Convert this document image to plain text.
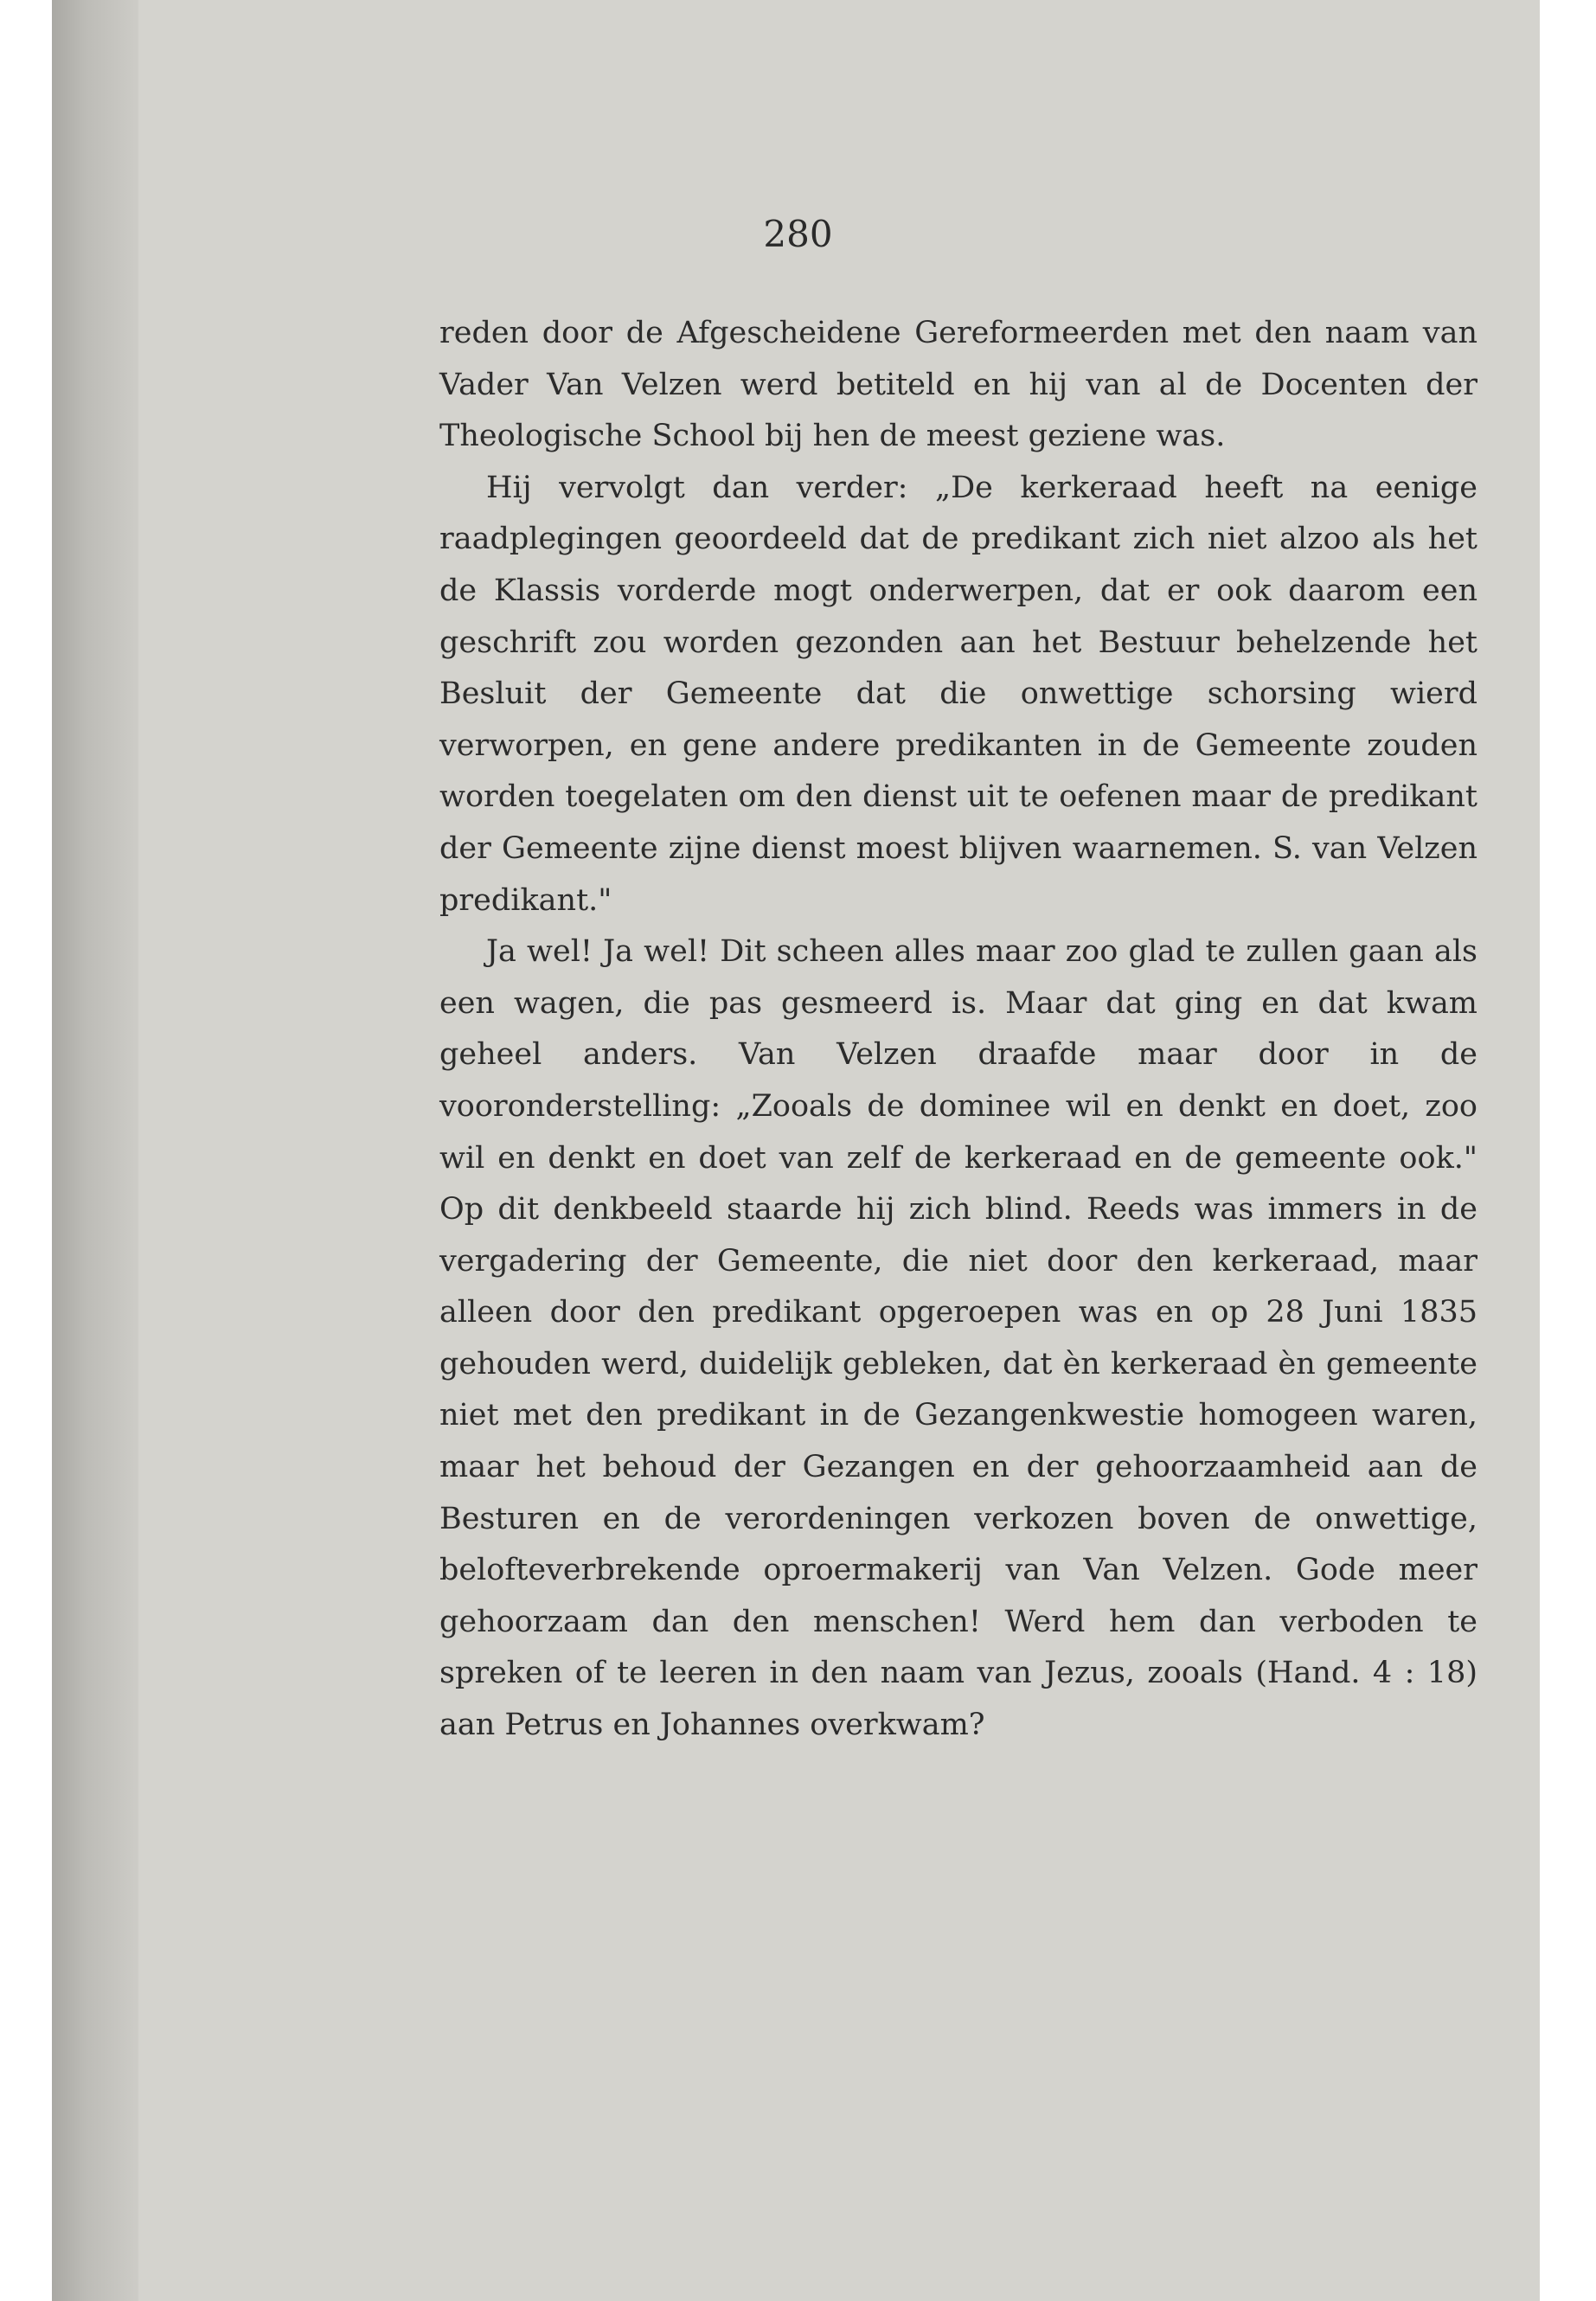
280

reden door de Afgescheidene Gereformeerden met den naam van Vader Van Velzen werd betiteld en hij van al de Docenten der Theologische School bij hen de meest geziene was.

Hij vervolgt dan verder: „De kerkeraad heeft na eenige raadplegingen geoordeeld dat de predikant zich niet alzoo als het de Klassis vorderde mogt onderwerpen, dat er ook daarom een geschrift zou worden gezonden aan het Bestuur behelzende het Besluit der Gemeente dat die onwettige schorsing wierd verworpen, en gene andere predikanten in de Gemeente zouden worden toegelaten om den dienst uit te oefenen maar de predikant der Gemeente zijne dienst moest blijven waarnemen. S. van Velzen predikant."

Ja wel! Ja wel! Dit scheen alles maar zoo glad te zullen gaan als een wagen, die pas gesmeerd is. Maar dat ging en dat kwam geheel anders. Van Velzen draafde maar door in de vooronderstelling: „Zooals de dominee wil en denkt en doet, zoo wil en denkt en doet van zelf de kerkeraad en de gemeente ook." Op dit denkbeeld staarde hij zich blind. Reeds was immers in de vergadering der Gemeente, die niet door den kerkeraad, maar alleen door den predikant opgeroepen was en op 28 Juni 1835 gehouden werd, duidelijk gebleken, dat èn kerkeraad èn gemeente niet met den predikant in de Gezangenkwestie homogeen waren, maar het behoud der Gezangen en der gehoorzaamheid aan de Besturen en de verordeningen verkozen boven de onwettige, belofteverbrekende oproermakerij van Van Velzen. Gode meer gehoorzaam dan den menschen! Werd hem dan verboden te spreken of te leeren in den naam van Jezus, zooals (Hand. 4 : 18) aan Petrus en Johannes overkwam?
